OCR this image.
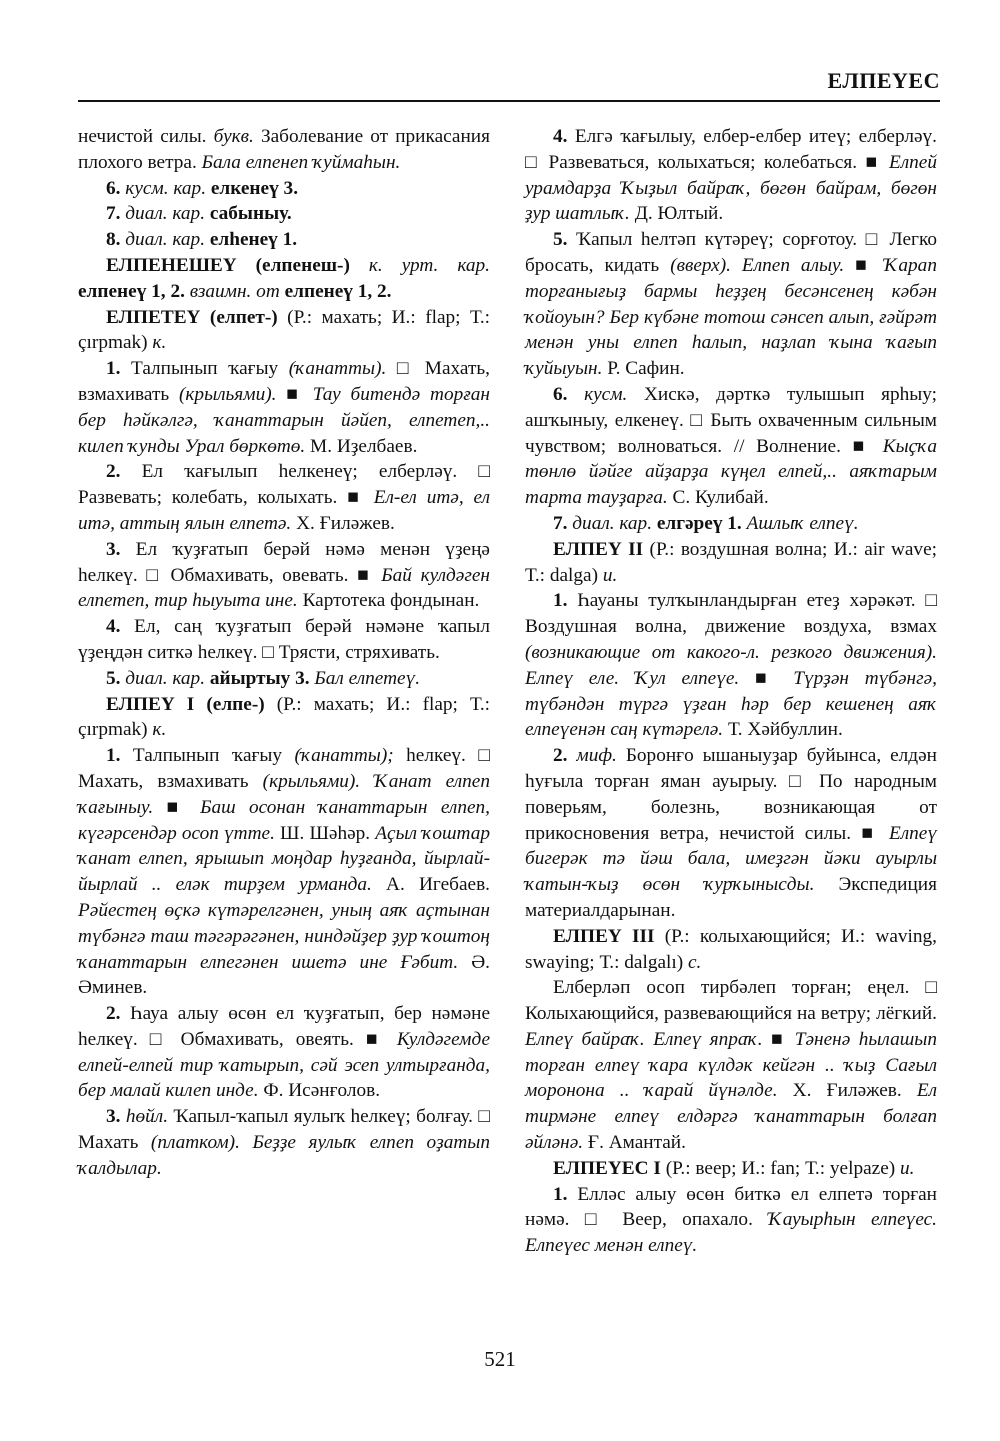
ЕЛПЕҮЕС

нечистой силы. букв. Заболевание от прикасания плохого ветра. Бала елпенеп ҡуймаһын.

6. кусм. кар. елкенеү 3.

7. диал. кар. сабыныу.

8. диал. кар. елһенеү 1.

ЕЛПЕНЕШЕҮ (елпенеш-) к. урт. кар. елпенеү 1, 2. взаимн. от елпенеү 1, 2.

ЕЛПЕТЕҮ (елпет-) (Р.: махать; И.: flap; Т.: çırpmak) к.

1. Талпынып ҡағыу (ҡанатты). □ Махать, взмахивать (крыльями). ■ Тау битендә торған бер һәйкәлгә, ҡанаттарын йәйеп, елпетеп,.. килеп ҡунды Урал бөркөтө. М. Иҙелбаев.

2. Ел ҡағылып һелкенеү; елберләү. □ Развевать; колебать, колыхать. ■ Ел-ел итә, ел итә, аттың ялын елпетә. Х. Ғиләжев.

3. Ел ҡуҙғатып берәй нәмә менән үҙеңә һелкеү. □ Обмахивать, овевать. ■ Бай кулдәген елпетеп, тир һыуыта ине. Картотека фондынан.

4. Ел, саң ҡуҙғатып берәй нәмәне ҡапыл үҙеңдән ситкә һелкеү. □ Трясти, стряхивать.

5. диал. кар. айыртыу 3. Бал елпетеү.

ЕЛПЕҮ I (елпе-) (Р.: махать; И.: flap; Т.: çırpmak) к.

1. Талпынып ҡағыу (ҡанатты); һелкеү. □ Махать, взмахивать (крыльями). Ҡанат елпеп ҡағыныу. ■ Баш осонан ҡанаттарын елпеп, күгәрсендәр осоп үтте. Ш. Шәһәр. Аҫыл ҡоштар ҡанат елпеп, ярышып моңдар һуҙғанда, йырлай-йырлай .. еләк тирҙем урманда. А. Игебаев. Рәйестең өҫкә күтәрелгәнен, уның аяҡ аҫтынан түбәнгә таш тәгәрәгәнен, ниндәйҙер ҙур ҡоштоң ҡанаттарын елпегәнен ишетә ине Ғәбит. Ә. Әминев.

2. Һауа алыу өсөн ел ҡуҙғатып, бер нәмәне һелкеү. □ Обмахивать, овеять. ■ Кулдәгемде елпей-елпей тир ҡатырып, сәй эсеп ултырғанда, бер малай килеп инде. Ф. Исәнғолов.

3. һөйл. Ҡапыл-ҡапыл яулыҡ һелкеү; болғау. □ Махать (платком). Беҙҙе яулыҡ елпеп оҙатып ҡалдылар.

4. Елгә ҡағылыу, елбер-елбер итеү; елберләү. □ Развеваться, колыхаться; колебаться. ■ Елпей урамдарҙа Ҡыҙыл байраҡ, бөгөн байрам, бөгөн ҙур шатлыҡ. Д. Юлтый.

5. Ҡапыл һелтәп күтәреү; сорғотоу. □ Легко бросать, кидать (вверх). Елпеп алыу. ■ Ҡарап торғанығыҙ бармы һеҙҙең бесәнсенең кәбән ҡойоуын? Бер күбәне тотош сәнсеп алып, ғәйрәт менән уны елпеп һалып, наҙлап ҡына ҡағып ҡуйыуын. Р. Сафин.

6. кусм. Хискә, дәрткә тулышып ярһыу; ашҡыныу, елкенеү. □ Быть охваченным сильным чувством; волноваться. // Волнение. ■ Кыҫҡа төнлө йәйге айҙарҙа күңел елпей,.. аяҡтарым тарта тауҙарға. С. Кулибай.

7. диал. кар. елгәреү 1. Ашлыҡ елпеү.

ЕЛПЕҮ II (Р.: воздушная волна; И.: air wave; Т.: dalga) и.

1. Һауаны тулҡынландырған етеҙ хәрәкәт. □ Воздушная волна, движение воздуха, взмах (возникающие от какого-л. резкого движения). Елпеү еле. Ҡул елпеүе. ■ Түрҙән түбәнгә, түбәндән түргә үҙған һәр бер кешенең аяҡ елпеүенән саң күтәрелә. Т. Хәйбуллин.

2. миф. Боронғо ышаныуҙар буйынса, елдән һуғыла торған яман ауырыу. □ По народным поверьям, болезнь, возникающая от прикосновения ветра, нечистой силы. ■ Елпеү бигерәк тә йәш бала, имеҙгән йәки ауырлы ҡатын-ҡыҙ өсөн ҡурҡынысды. Экспедиция материалдарынан.

ЕЛПЕҮ III (Р.: колыхающийся; И.: waving, swaying; Т.: dalgalı) с.

Елберләп осоп тирбәлеп торған; еңел. □ Колыхающийся, развевающийся на ветру; лёгкий. Елпеү байраҡ. Елпеү япраҡ. ■ Тәненә һылашып торған елпеү ҡара күлдәк кейгән .. ҡыҙ Сағыл моронона .. ҡарай йүнәлде. Х. Ғиләжев. Ел тирмәне елпеү елдәргә ҡанаттарын болғап әйләнә. Ғ. Амантай.

ЕЛПЕҮЕС I (Р.: веер; И.: fan; Т.: yelpaze) и.

1. Елләс алыу өсөн биткә ел елпетә торған нәмә. □ Веер, опахало. Ҡауырһын елпеүес. Елпеүес менән елпеү.

521
